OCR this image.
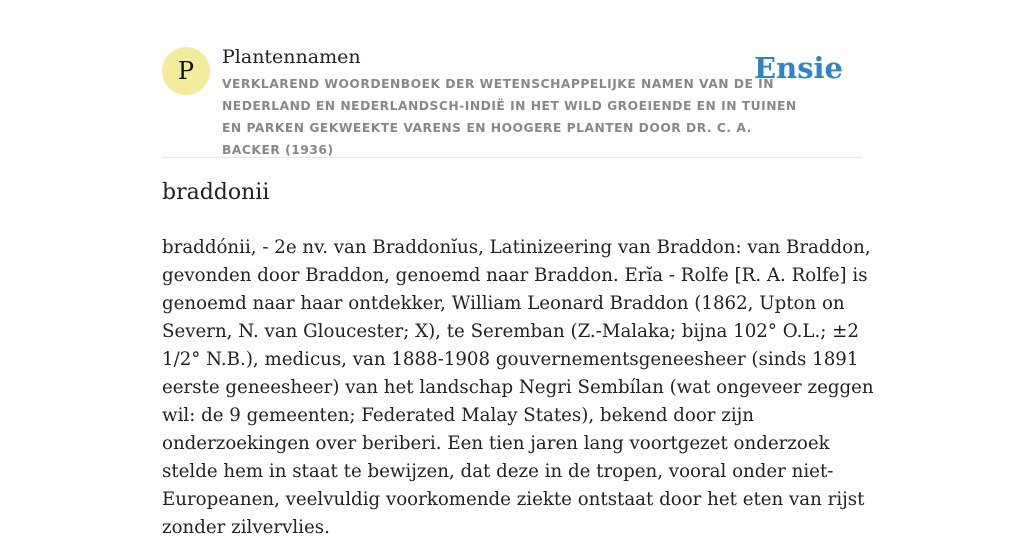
P Plantennamen
VERKLAREND WOORDENBOEK DER WETENSCHAPPELIJKE NAMEN VAN DE IN NEDERLAND EN NEDERLANDSCH-INDIË IN HET WILD GROEIENDE EN IN TUINEN EN PARKEN GEKWEEKTE VARENS EN HOOGERE PLANTEN DOOR DR. C. A. BACKER (1936)
Ensie
braddonii

braddónii, - 2e nv. van Braddonĭus, Latinizeering van Braddon: van Braddon, gevonden door Braddon, genoemd naar Braddon. Erĭa - Rolfe [R. A. Rolfe] is genoemd naar haar ontdekker, William Leonard Braddon (1862, Upton on Severn, N. van Gloucester; X), te Seremban (Z.-Malaka; bijna 102° O.L.; ±2 1/2° N.B.), medicus, van 1888-1908 gouvernementsgeneesheer (sinds 1891 eerste geneesheer) van het landschap Negri Sembílan (wat ongeveer zeggen wil: de 9 gemeenten; Federated Malay States), bekend door zijn onderzoekingen over beriberi. Een tien jaren lang voortgezet onderzoek stelde hem in staat te bewijzen, dat deze in de tropen, vooral onder niet-Europeanen, veelvuldig voorkomende ziekte ontstaat door het eten van rijst zonder zilvervlies.
